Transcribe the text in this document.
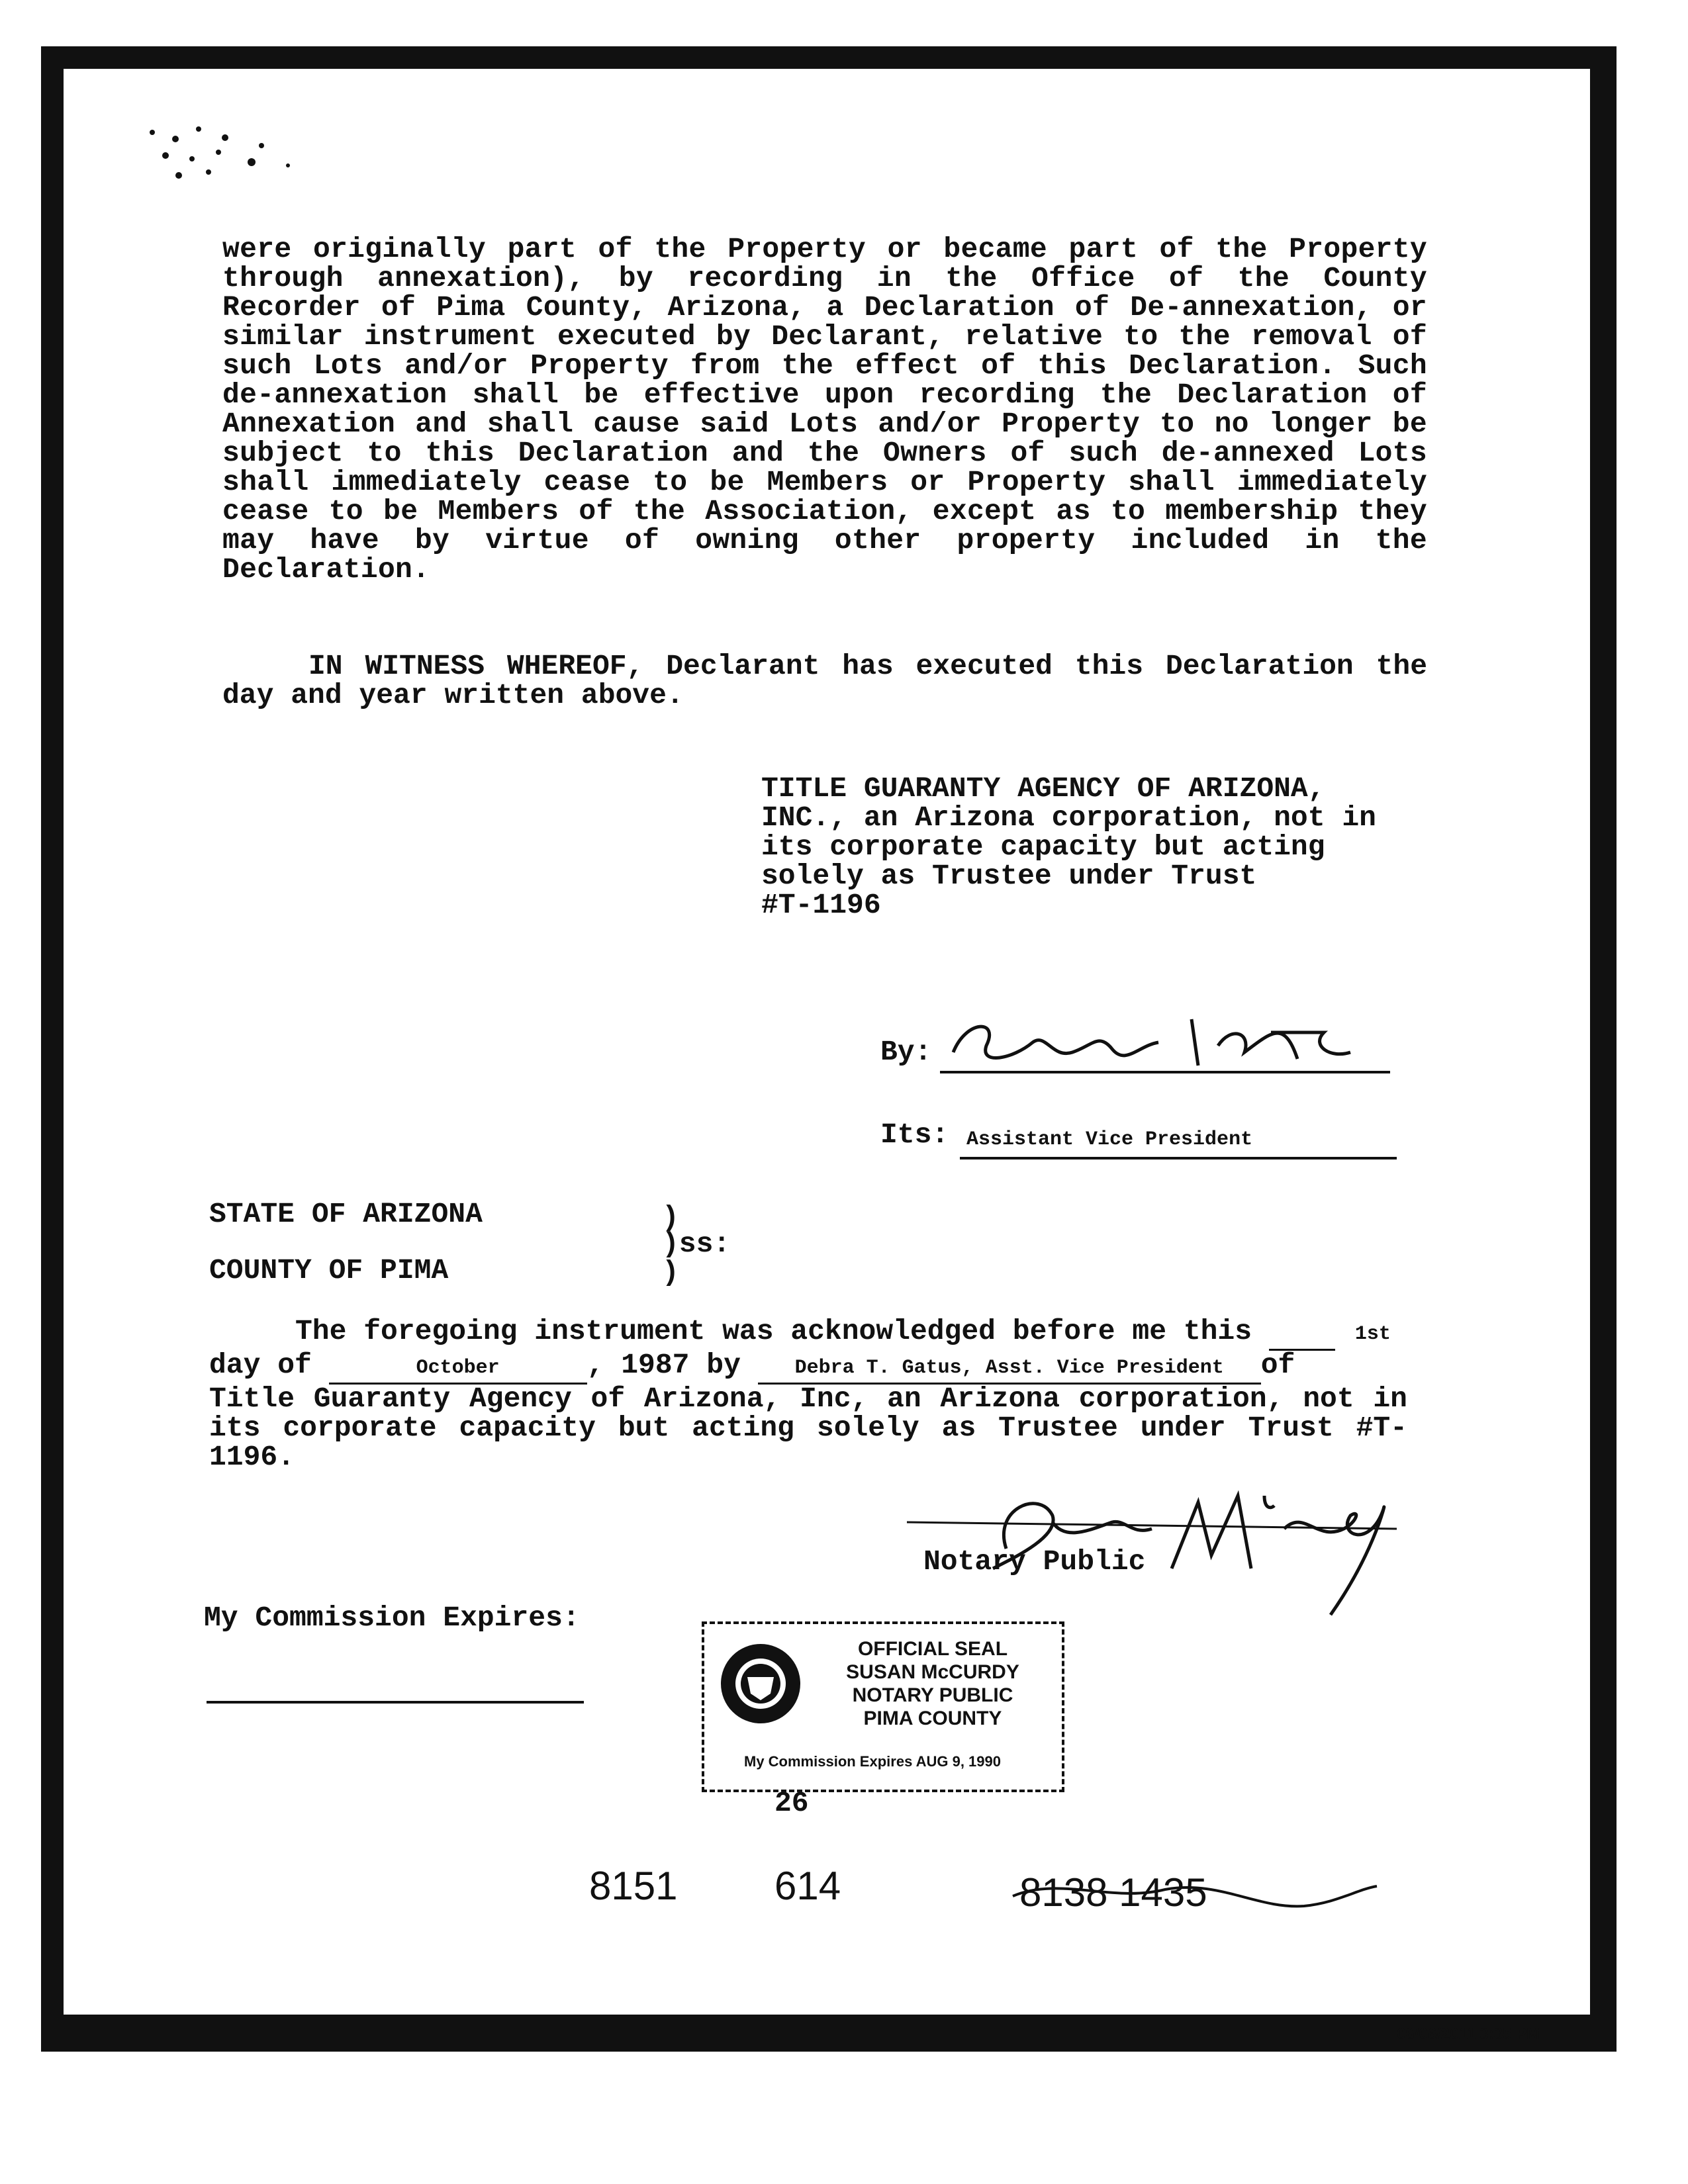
were originally part of the Property or became part of the Property through annexation), by recording in the Office of the County Recorder of Pima County, Arizona, a Declaration of De-annexation, or similar instrument executed by Declarant, relative to the removal of such Lots and/or Property from the effect of this Declaration. Such de-annexation shall be effective upon recording the Declaration of Annexation and shall cause said Lots and/or Property to no longer be subject to this Declaration and the Owners of such de-annexed Lots shall immediately cease to be Members or Property shall immediately cease to be Members of the Association, except as to membership they may have by virtue of owning other property included in the Declaration.
IN WITNESS WHEREOF, Declarant has executed this Declaration the day and year written above.
TITLE GUARANTY AGENCY OF ARIZONA,
INC., an Arizona corporation, not in
its corporate capacity but acting
solely as Trustee under Trust
#T-1196
By:
Its: Assistant Vice President
STATE OF ARIZONA
COUNTY OF PIMA
)
)ss:
)
The foregoing instrument was acknowledged before me this	1st
day of	October	, 1987 by	Debra T. Gatus, Asst. Vice President of
Title Guaranty Agency of Arizona, Inc, an Arizona corporation, not in its corporate capacity but acting solely as Trustee under Trust #T-1196.
Notary Public
My Commission Expires:
OFFICIAL SEAL
SUSAN McCURDY
NOTARY PUBLIC
PIMA COUNTY
My Commission Expires AUG 9, 1990
26
8151 614	8138 1435
06/06/2011 3:35 PM
